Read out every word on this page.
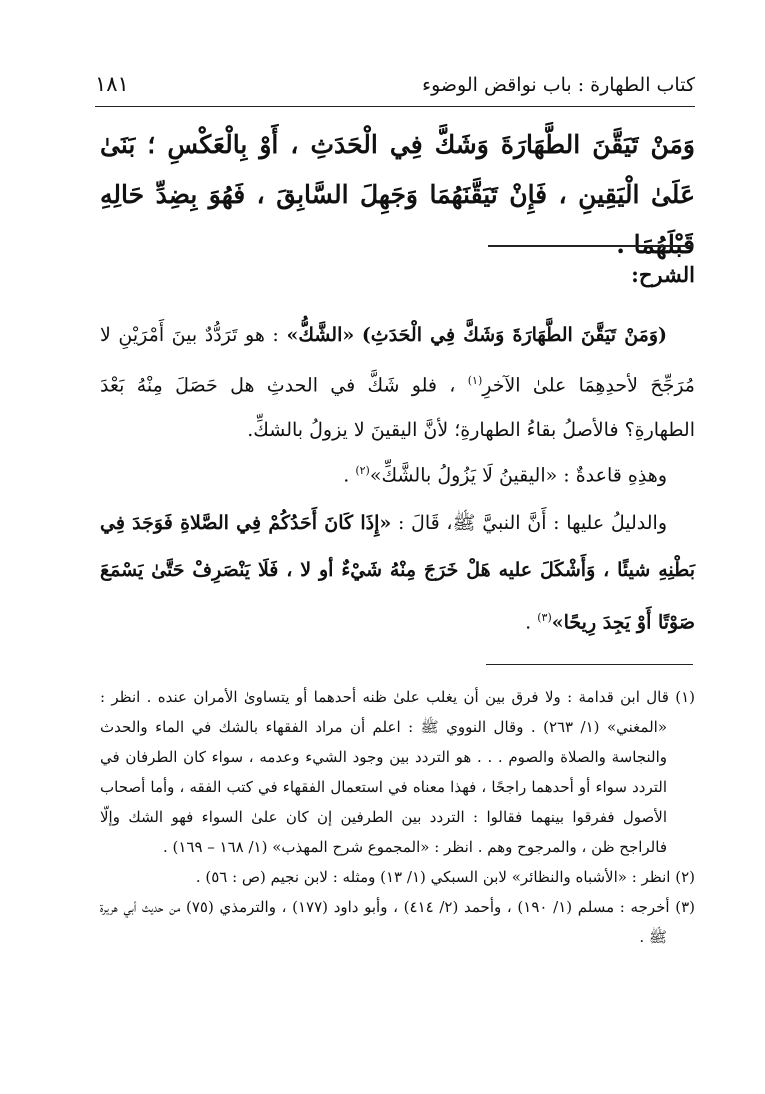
كتاب الطهارة : باب نواقض الوضوء
١٨١
وَمَنْ تَيَقَّنَ الطَّهَارَةَ وَشَكَّ فِي الْحَدَثِ ، أَوْ بِالْعَكْسِ ؛ بَنَىٰ عَلَىٰ الْيَقِينِ ، فَإِنْ تَيَقَّنَهُمَا وَجَهِلَ السَّابِقَ ، فَهُوَ بِضِدِّ حَالِهِ قَبْلَهُمَا .
الشرح:
(وَمَنْ تَيَقَّنَ الطَّهَارَةَ وَشَكَّ فِي الْحَدَثِ) «الشَّكُّ» : هو تَرَدُّدٌ بينَ أَمْرَيْنِ لا مُرَجِّحَ لأحدِهِمَا علىٰ الآخرِ$^{(١)}$ ، فلو شَكَّ في الحدثِ هل حَصَلَ مِنْهُ بَعْدَ الطهارةِ؟ فالأصلُ بقاءُ الطهارةِ؛ لأنَّ اليقينَ لا يزولُ بالشكِّ.
وهذِهِ قاعدةٌ : «اليقينُ لَا يَزُولُ بالشَّكِّ»$^{(٢)}$ .
والدليلُ عليها : أَنَّ النبيَّ ﷺ، قَالَ : «إِذَا كَانَ أَحَدُكُمْ فِي الصَّلاةِ فَوَجَدَ فِي بَطْنِهِ شيئًا ، وَأَشْكَلَ عليه هَلْ خَرَجَ مِنْهُ شَيْءٌ أو لا ، فَلَا يَنْصَرِفْ حَتَّىٰ يَسْمَعَ صَوْتًا أَوْ يَجِدَ رِيحًا»$^{(٣)}$ .
(١) قال ابن قدامة : ولا فرق بين أن يغلب علىٰ ظنه أحدهما أو يتساوىٰ الأمران عنده . انظر : «المغني» (١/ ٢٦٣) . وقال النووي ﷺ : اعلم أن مراد الفقهاء بالشك في الماء والحدث والنجاسة والصلاة والصوم . . . هو التردد بين وجود الشيء وعدمه ، سواء كان الطرفان في التردد سواء أو أحدهما راجحًا ، فهذا معناه في استعمال الفقهاء في كتب الفقه ، وأما أصحاب الأصول ففرقوا بينهما فقالوا : التردد بين الطرفين إن كان علىٰ السواء فهو الشك وإلّا فالراجح ظن ، والمرجوح وهم . انظر : «المجموع شرح المهذب» (١/ ١٦٨ – ١٦٩) .
(٢) انظر : «الأشباه والنظائر» لابن السبكي (١/ ١٣) ومثله : لابن نجيم (ص : ٥٦) .
(٣) أخرجه : مسلم (١/ ١٩٠) ، وأحمد (٢/ ٤١٤) ، وأبو داود (١٧٧) ، والترمذي (٧٥) من حديث أبي هريرة ﷺ .
